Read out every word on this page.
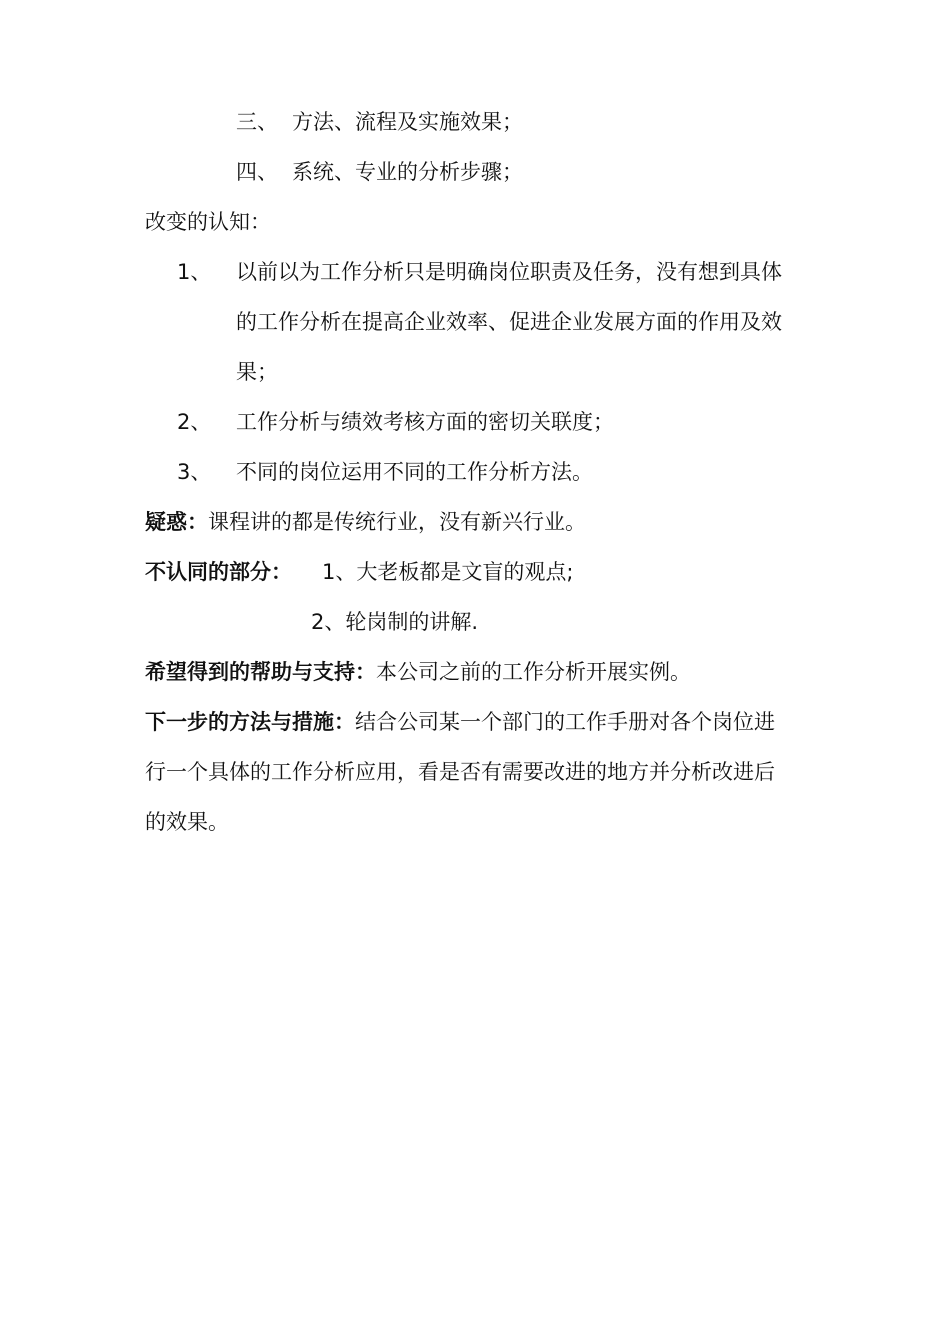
三、 方法、流程及实施效果；
四、 系统、专业的分析步骤；
改变的认知：
1、 以前以为工作分析只是明确岗位职责及任务，没有想到具体
的工作分析在提高企业效率、促进企业发展方面的作用及效
果；
2、 工作分析与绩效考核方面的密切关联度；
3、 不同的岗位运用不同的工作分析方法。
疑惑：课程讲的都是传统行业，没有新兴行业。
不认同的部分： 1、大老板都是文盲的观点;
2、轮岗制的讲解.
希望得到的帮助与支持：本公司之前的工作分析开展实例。
下一步的方法与措施：结合公司某一个部门的工作手册对各个岗位进
行一个具体的工作分析应用，看是否有需要改进的地方并分析改进后
的效果。
